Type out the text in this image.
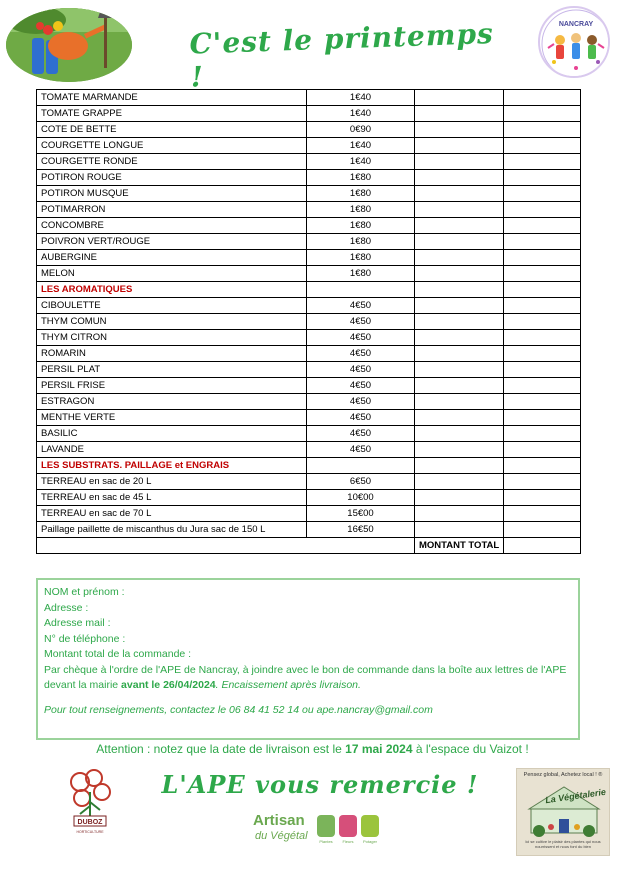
C'est le printemps !
NANCRAY
TOMATE MARMANDE	1€40		
TOMATE GRAPPE	1€40		
COTE DE BETTE	0€90		
COURGETTE LONGUE	1€40		
COURGETTE RONDE	1€40		
POTIRON ROUGE	1€80		
POTIRON MUSQUE	1€80		
POTIMARRON	1€80		
CONCOMBRE	1€80		
POIVRON VERT/ROUGE	1€80		
AUBERGINE	1€80		
MELON	1€80		
LES AROMATIQUES			
CIBOULETTE	4€50		
THYM COMUN	4€50		
THYM CITRON	4€50		
ROMARIN	4€50		
PERSIL PLAT	4€50		
PERSIL FRISE	4€50		
ESTRAGON	4€50		
MENTHE VERTE	4€50		
BASILIC	4€50		
LAVANDE	4€50		
LES SUBSTRATS. PAILLAGE et ENGRAIS			
TERREAU en sac de 20 L	6€50		
TERREAU en sac de 45 L	10€00		
TERREAU en sac de 70 L	15€00		
Paillage paillette de miscanthus du Jura sac de 150 L	16€50		
		MONTANT TOTAL	
NOM et prénom :
Adresse :
Adresse mail :
N° de téléphone :
Montant total de la commande :
Par chèque à l'ordre de l'APE de Nancray, à joindre avec le bon de commande dans la boîte aux lettres de l'APE devant la mairie avant le 26/04/2024. Encaissement après livraison.
Pour tout renseignements, contactez le 06 84 41 52 14 ou ape.nancray@gmail.com
Attention : notez que la date de livraison est le 17 mai 2024 à l'espace du Vaizot !
L'APE vous remercie !
DUBOZ
HORTICULTURE
Artisan
du Végétal	Plantes	Fleurs	Potager
Pensez global, Achetez local ! ®
La Végétalerie
Ici se cultive le plaisir des plantes qui nous nourrissent et nous font du bien
